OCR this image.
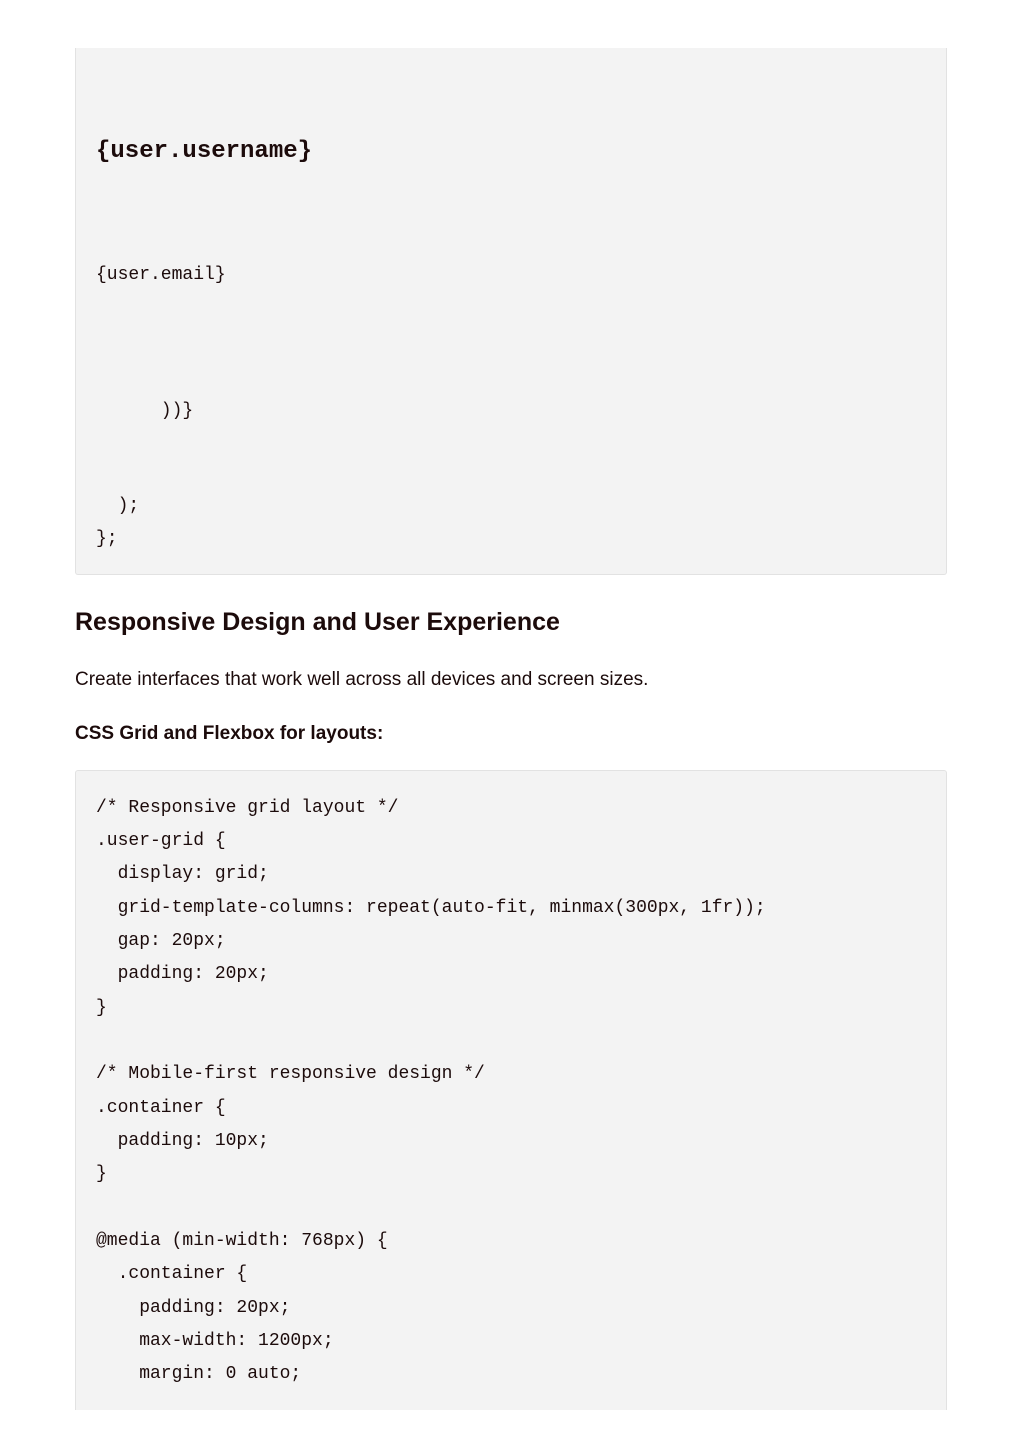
{user.username}
{user.email}
))}
);
};
Responsive Design and User Experience

Create interfaces that work well across all devices and screen sizes.

CSS Grid and Flexbox for layouts:

/* Responsive grid layout */
.user-grid {
display: grid;
grid-template-columns: repeat(auto-fit, minmax(300px, 1fr));
gap: 20px;
padding: 20px;
}
/* Mobile-first responsive design */
.container {
padding: 10px;
}
@media (min-width: 768px) {
.container {
padding: 20px;
max-width: 1200px;
margin: 0 auto;
